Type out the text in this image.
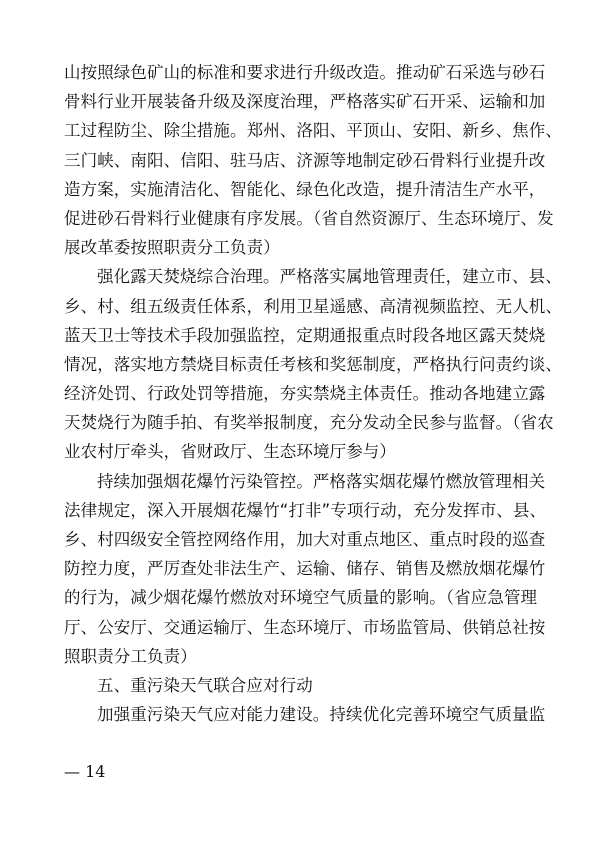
山按照绿色矿山的标准和要求进行升级改造。推动矿石采选与砂石
骨料行业开展装备升级及深度治理，严格落实矿石开采、运输和加
工过程防尘、除尘措施。郑州、洛阳、平顶山、安阳、新乡、焦作、
三门峡、南阳、信阳、驻马店、济源等地制定砂石骨料行业提升改
造方案，实施清洁化、智能化、绿色化改造，提升清洁生产水平，
促进砂石骨料行业健康有序发展。（省自然资源厅、生态环境厅、发
展改革委按照职责分工负责）
强化露天焚烧综合治理。严格落实属地管理责任，建立市、县、
乡、村、组五级责任体系，利用卫星遥感、高清视频监控、无人机、
蓝天卫士等技术手段加强监控，定期通报重点时段各地区露天焚烧
情况，落实地方禁烧目标责任考核和奖惩制度，严格执行问责约谈、
经济处罚、行政处罚等措施，夯实禁烧主体责任。推动各地建立露
天焚烧行为随手拍、有奖举报制度，充分发动全民参与监督。（省农
业农村厅牵头，省财政厅、生态环境厅参与）
持续加强烟花爆竹污染管控。严格落实烟花爆竹燃放管理相关
法律规定，深入开展烟花爆竹“打非”专项行动，充分发挥市、县、
乡、村四级安全管控网络作用，加大对重点地区、重点时段的巡查
防控力度，严厉查处非法生产、运输、储存、销售及燃放烟花爆竹
的行为，减少烟花爆竹燃放对环境空气质量的影响。（省应急管理
厅、公安厅、交通运输厅、生态环境厅、市场监管局、供销总社按
照职责分工负责）
五、重污染天气联合应对行动
加强重污染天气应对能力建设。持续优化完善环境空气质量监
— 14
